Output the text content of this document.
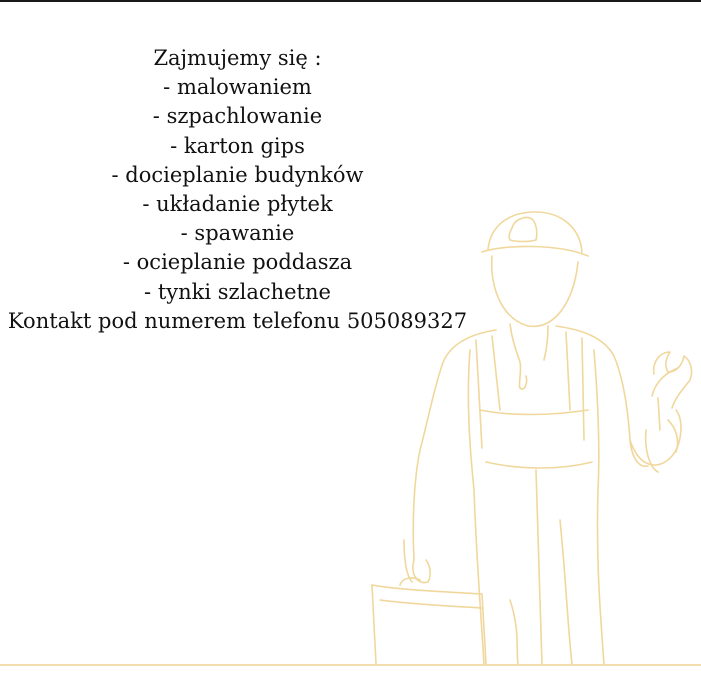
Zajmujemy się :
- malowaniem
- szpachlowanie
- karton gips
- docieplanie budynków
- układanie płytek
- spawanie
- ocieplanie poddasza
- tynki szlachetne
Kontakt pod numerem telefonu 505089327
